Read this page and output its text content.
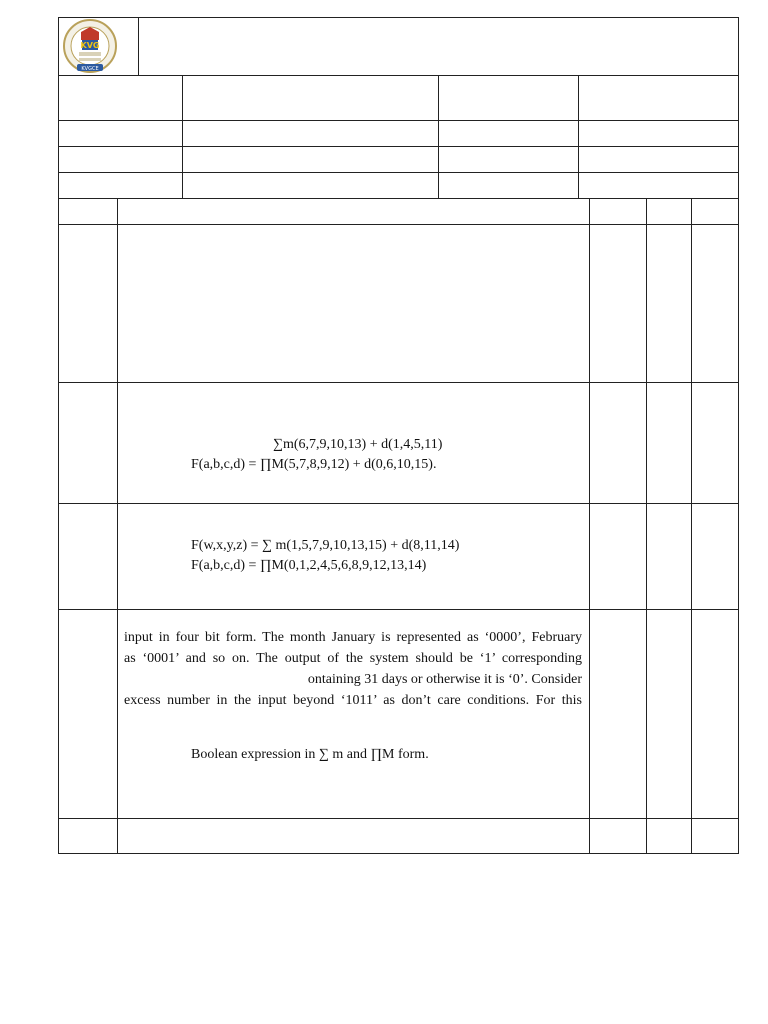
KVG
KVGCE
∑m(6,7,9,10,13) + d(1,4,5,11)
F(a,b,c,d) = ∏M(5,7,8,9,12) + d(0,6,10,15).
F(w,x,y,z) = ∑ m(1,5,7,9,10,13,15) + d(8,11,14)
F(a,b,c,d) = ∏M(0,1,2,4,5,6,8,9,12,13,14)
input in four bit form. The month January is represented as ‘0000’, February
as ‘0001’ and so on. The output of the system should be ‘1’ corresponding
ontaining 31 days or otherwise it is ‘0’. Consider
excess number in the input beyond ‘1011’ as don’t care conditions. For this
Boolean expression in ∑ m and ∏M form.
